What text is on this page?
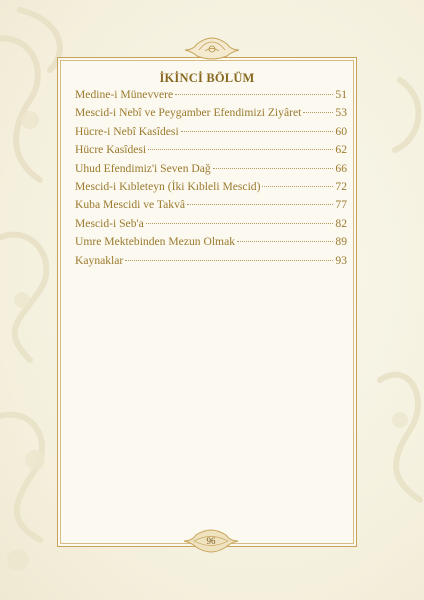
İKİNCİ BÖLÜM
Medine-i Münevvere	51
Mescid-i Nebî ve Peygamber Efendimizi Ziyâret	53
Hücre-i Nebî Kasîdesi	60
Hücre Kasîdesi	62
Uhud Efendimiz'i Seven Dağ	66
Mescid-i Kıbleteyn (İki Kıbleli Mescid)	72
Kuba Mescidi ve Takvâ	77
Mescid-i Seb'a	82
Umre Mektebinden Mezun Olmak	89
Kaynaklar	93
96
